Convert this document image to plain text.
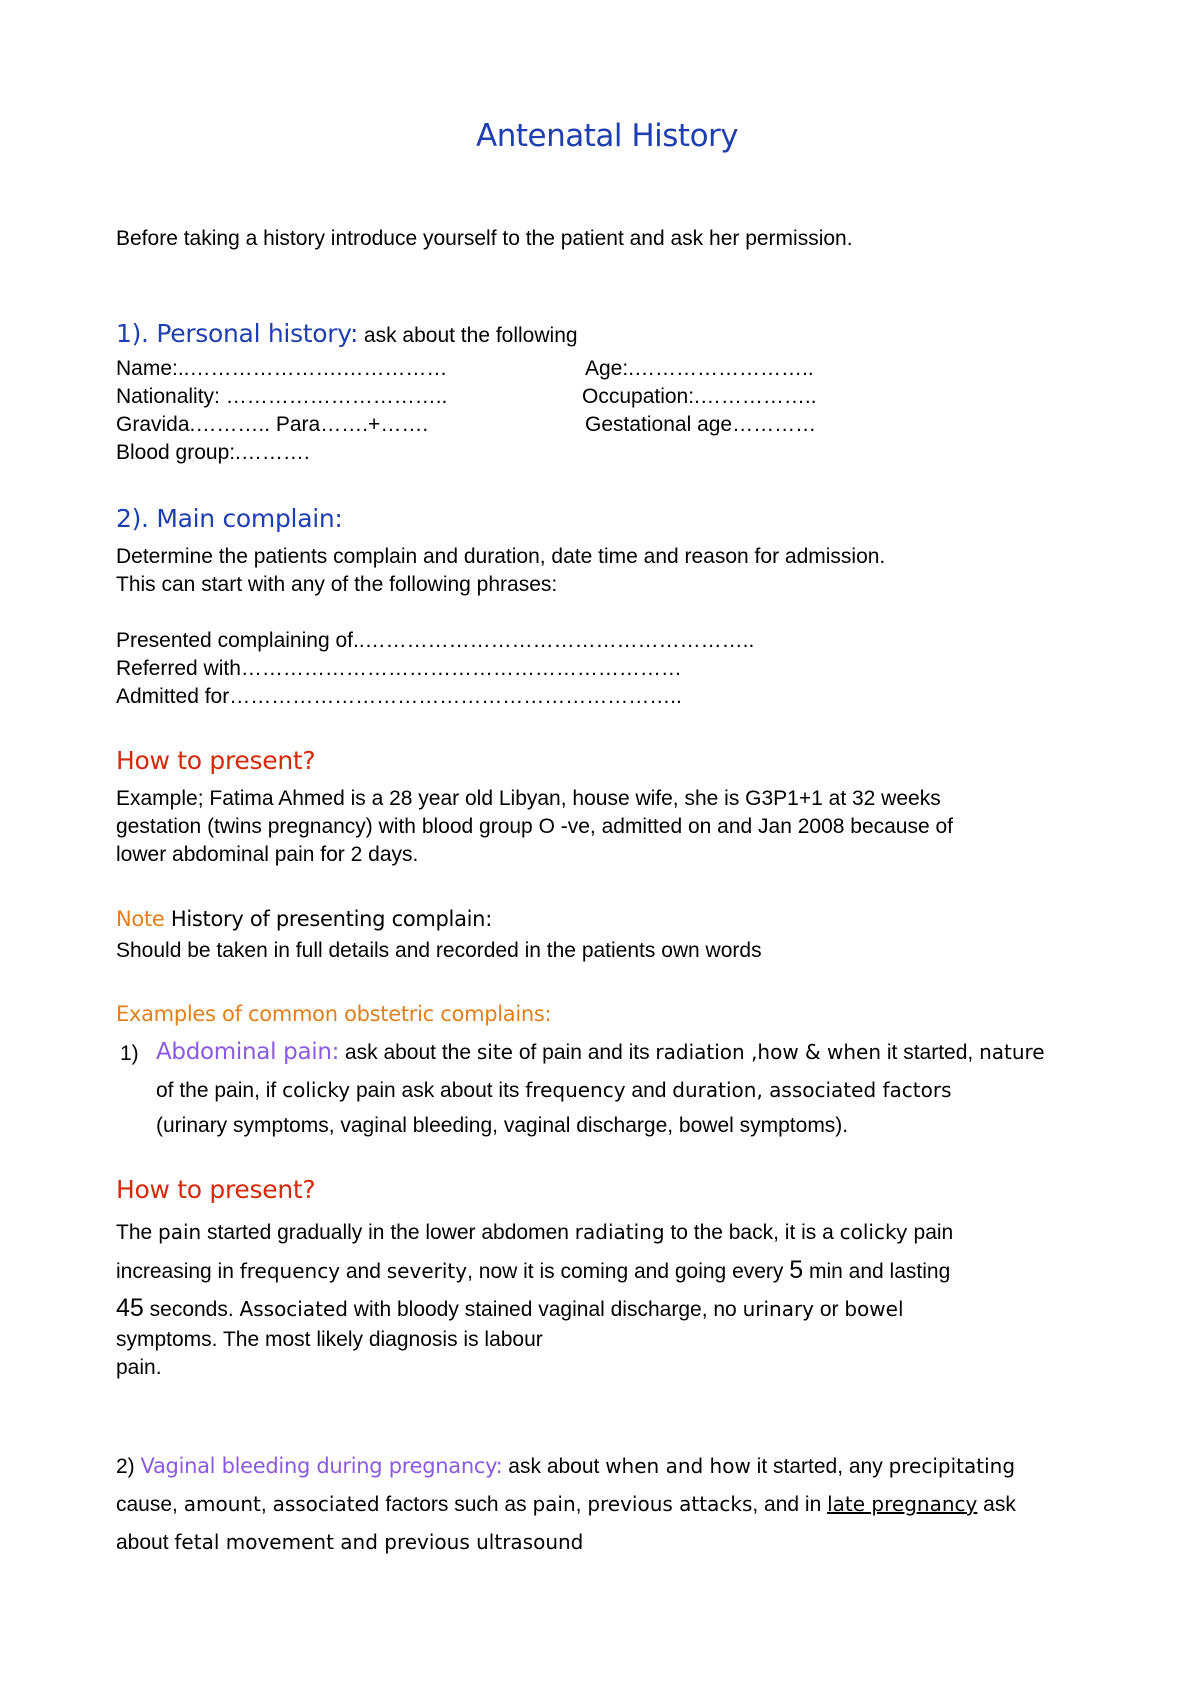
Antenatal History
Before taking a history introduce yourself to the patient and ask her permission.
1). Personal history: ask about the following
Name:..………………….……………	Age:.……………………..
Nationality: …………………………..	Occupation:.……………..
Gravida.……….. Para…….+…….	Gestational age…………
Blood group:.……….
2). Main complain:
Determine the patients complain and duration, date time and reason for admission.
This can start with any of the following phrases:
Presented complaining of..………………………………………………..
Referred with………………………………………………………
Admitted for………………………………………………………..
How to present?
Example; Fatima Ahmed is a 28 year old Libyan, house wife, she is G3P1+1 at 32 weeks
gestation (twins pregnancy) with blood group O -ve, admitted on and Jan 2008 because of
lower abdominal pain for 2 days.
Note History of presenting complain:
Should be taken in full details and recorded in the patients own words
Examples of common obstetric complains:
1) Abdominal pain: ask about the site of pain and its radiation ,how & when it started, nature
of the pain, if colicky pain ask about its frequency and duration, associated factors
(urinary symptoms, vaginal bleeding, vaginal discharge, bowel symptoms).
How to present?
The pain started gradually in the lower abdomen radiating to the back, it is a colicky pain
increasing in frequency and severity, now it is coming and going every 5 min and lasting
45 seconds. Associated with bloody stained vaginal discharge, no urinary or bowel
symptoms. The most likely diagnosis is labour
pain.
2) Vaginal bleeding during pregnancy: ask about when and how it started, any precipitating
cause, amount, associated factors such as pain, previous attacks, and in late pregnancy ask
about fetal movement and previous ultrasound
